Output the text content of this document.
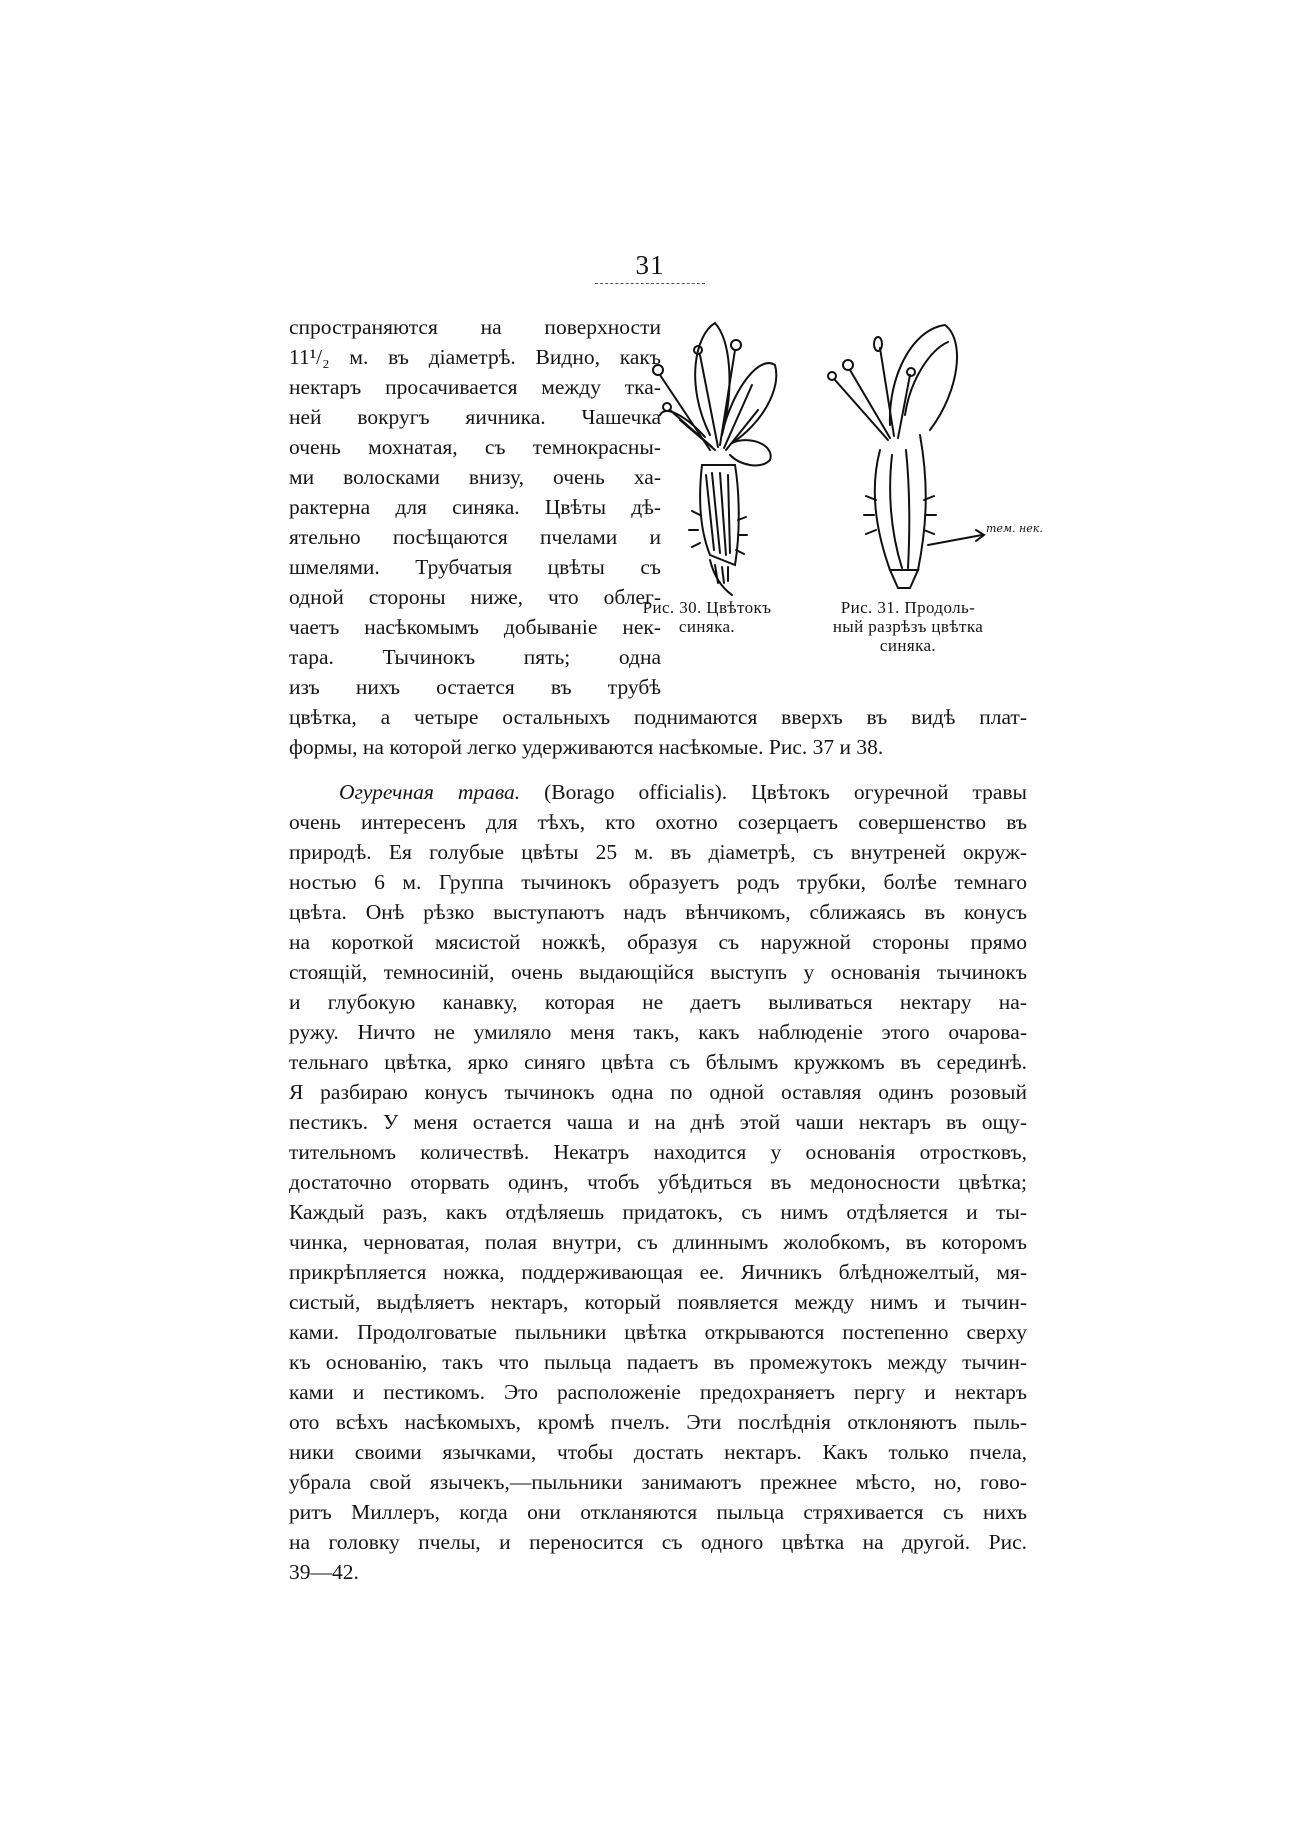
31
спространяются на поверхности
11¹/₂ м. въ діаметрѣ. Видно, какъ
нектаръ просачивается между тка-
ней вокругъ яичника. Чашечка
очень мохнатая, съ темнокрасны-
ми волосками внизу, очень ха-
рактерна для синяка. Цвѣты дѣ-
ятельно посѣщаются пчелами и
шмелями. Трубчатыя цвѣты съ
одной стороны ниже, что облег-
чаетъ насѣкомымъ добываніе нек-
тара. Тычинокъ пять; одна
изъ нихъ остается въ трубѣ
цвѣтка, а четыре остальныхъ поднимаются вверхъ въ видѣ плат-
формы, на которой легко удерживаются насѣкомые. Рис. 37 и 38.
Рис. 30. Цвѣтокъ
синяка.
тем. нек.
Рис. 31. Продоль-
ный разрѣзъ цвѣтка
синяка.
Огуречная трава. (Borago officialis). Цвѣтокъ огуречной травы
очень интересенъ для тѣхъ, кто охотно созерцаетъ совершенство въ
природѣ. Ея голубые цвѣты 25 м. въ діаметрѣ, съ внутреней окруж-
ностью 6 м. Группа тычинокъ образуетъ родъ трубки, болѣе темнаго
цвѣта. Онѣ рѣзко выступаютъ надъ вѣнчикомъ, сближаясь въ конусъ
на короткой мясистой ножкѣ, образуя съ наружной стороны прямо
стоящій, темносиній, очень выдающійся выступъ у основанія тычинокъ
и глубокую канавку, которая не даетъ выливаться нектару на-
ружу. Ничто не умиляло меня такъ, какъ наблюденіе этого очарова-
тельнаго цвѣтка, ярко синяго цвѣта съ бѣлымъ кружкомъ въ серединѣ.
Я разбираю конусъ тычинокъ одна по одной оставляя одинъ розовый
пестикъ. У меня остается чаша и на днѣ этой чаши нектаръ въ ощу-
тительномъ количествѣ. Некатръ находится у основанія отростковъ,
достаточно оторвать одинъ, чтобъ убѣдиться въ медоносности цвѣтка;
Каждый разъ, какъ отдѣляешь придатокъ, съ нимъ отдѣляется и ты-
чинка, черноватая, полая внутри, съ длиннымъ жолобкомъ, въ которомъ
прикрѣпляется ножка, поддерживающая ее. Яичникъ блѣдножелтый, мя-
систый, выдѣляетъ нектаръ, который появляется между нимъ и тычин-
ками. Продолговатые пыльники цвѣтка открываются постепенно сверху
къ основанію, такъ что пыльца падаетъ въ промежутокъ между тычин-
ками и пестикомъ. Это расположеніе предохраняетъ пергу и нектаръ
ото всѣхъ насѣкомыхъ, кромѣ пчелъ. Эти послѣднія отклоняютъ пыль-
ники своими язычками, чтобы достать нектаръ. Какъ только пчела,
убрала свой язычекъ,—пыльники занимаютъ прежнее мѣсто, но, гово-
ритъ Миллеръ, когда они откланяются пыльца стряхивается съ нихъ
на головку пчелы, и переносится съ одного цвѣтка на другой. Рис.
39—42.
